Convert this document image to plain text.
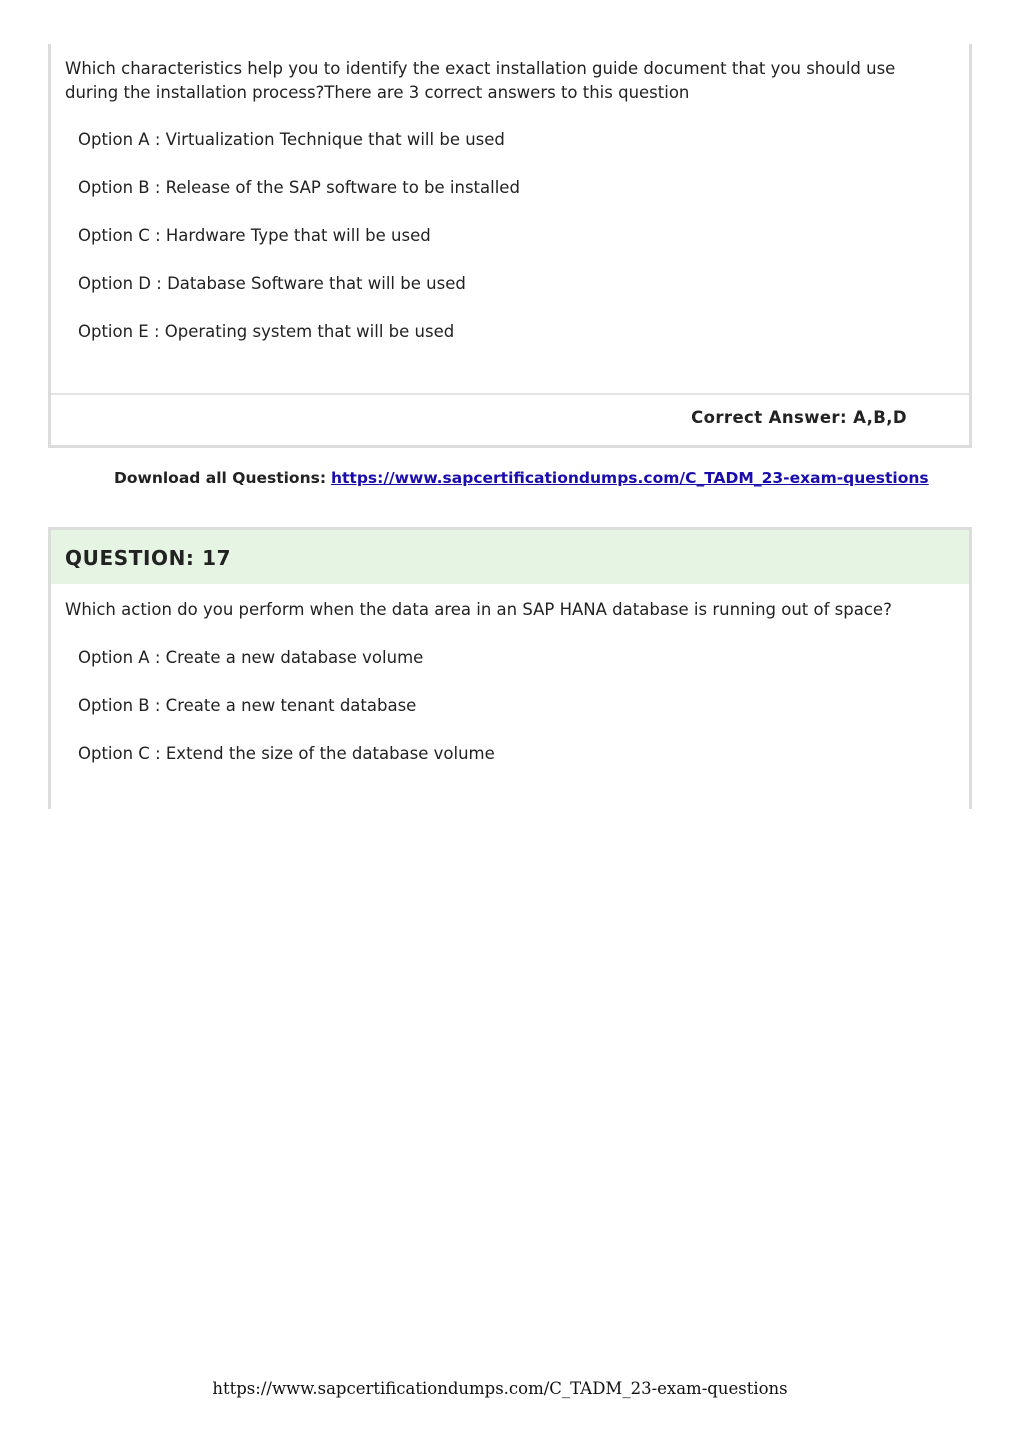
Which characteristics help you to identify the exact installation guide document that you should use during the installation process?There are 3 correct answers to this question
Option A : Virtualization Technique that will be used
Option B : Release of the SAP software to be installed
Option C : Hardware Type that will be used
Option D : Database Software that will be used
Option E : Operating system that will be used
Correct Answer: A,B,D
Download all Questions: https://www.sapcertificationdumps.com/C_TADM_23-exam-questions
QUESTION: 17
Which action do you perform when the data area in an SAP HANA database is running out of space?
Option A : Create a new database volume
Option B : Create a new tenant database
Option C : Extend the size of the database volume
https://www.sapcertificationdumps.com/C_TADM_23-exam-questions
